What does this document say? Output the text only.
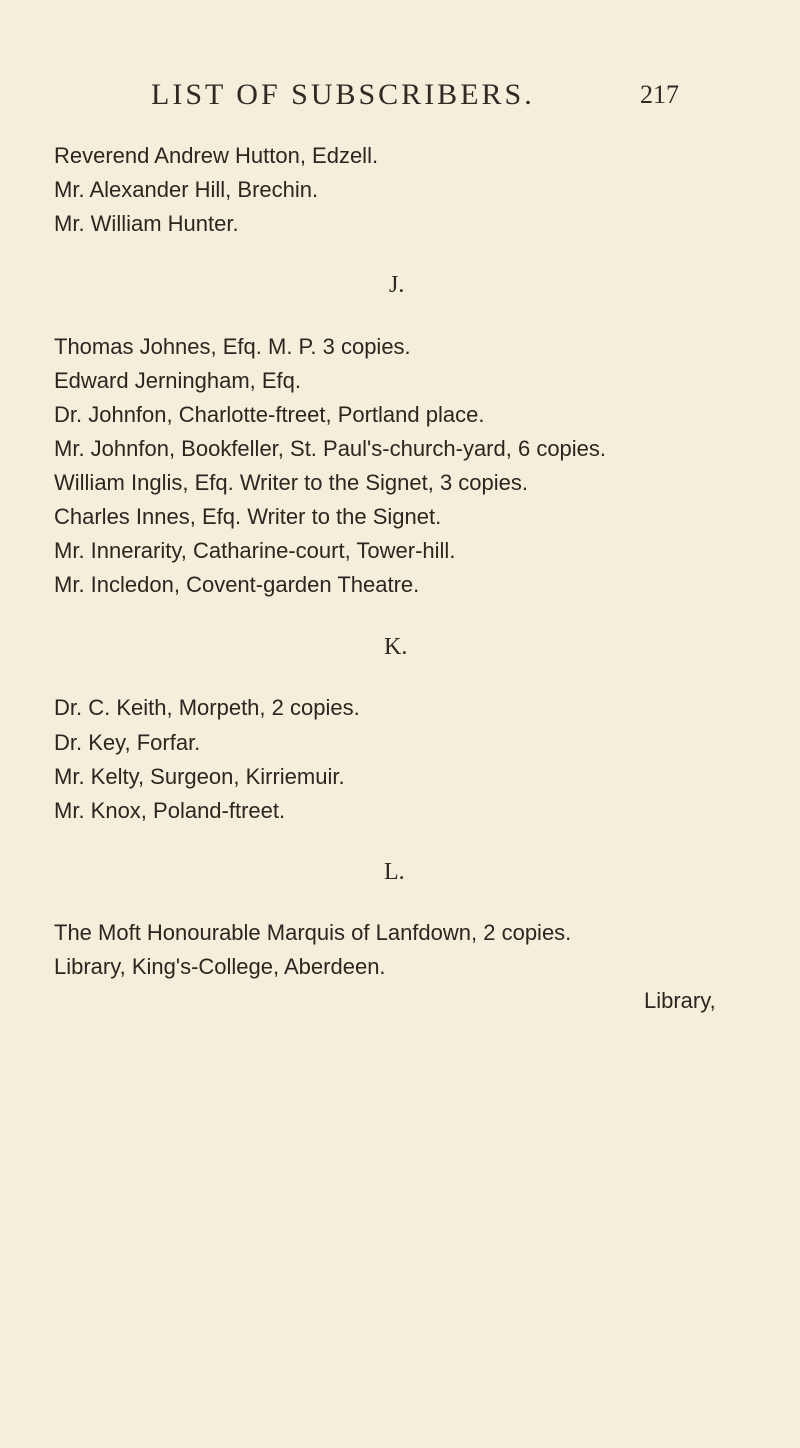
LIST OF SUBSCRIBERS.	217
Reverend Andrew Hutton, Edzell.
Mr. Alexander Hill, Brechin.
Mr. William Hunter.
J.
Thomas Johnes, Efq. M. P. 3 copies.
Edward Jerningham, Efq.
Dr. Johnfon, Charlotte-ftreet, Portland place.
Mr. Johnfon, Bookfeller, St. Paul's-church-yard, 6 copies.
William Inglis, Efq. Writer to the Signet, 3 copies.
Charles Innes, Efq. Writer to the Signet.
Mr. Innerarity, Catharine-court, Tower-hill.
Mr. Incledon, Covent-garden Theatre.
K.
Dr. C. Keith, Morpeth, 2 copies.
Dr. Key, Forfar.
Mr. Kelty, Surgeon, Kirriemuir.
Mr. Knox, Poland-ftreet.
L.
The Moft Honourable Marquis of Lanfdown, 2 copies.
Library, King's-College, Aberdeen.
Library,
